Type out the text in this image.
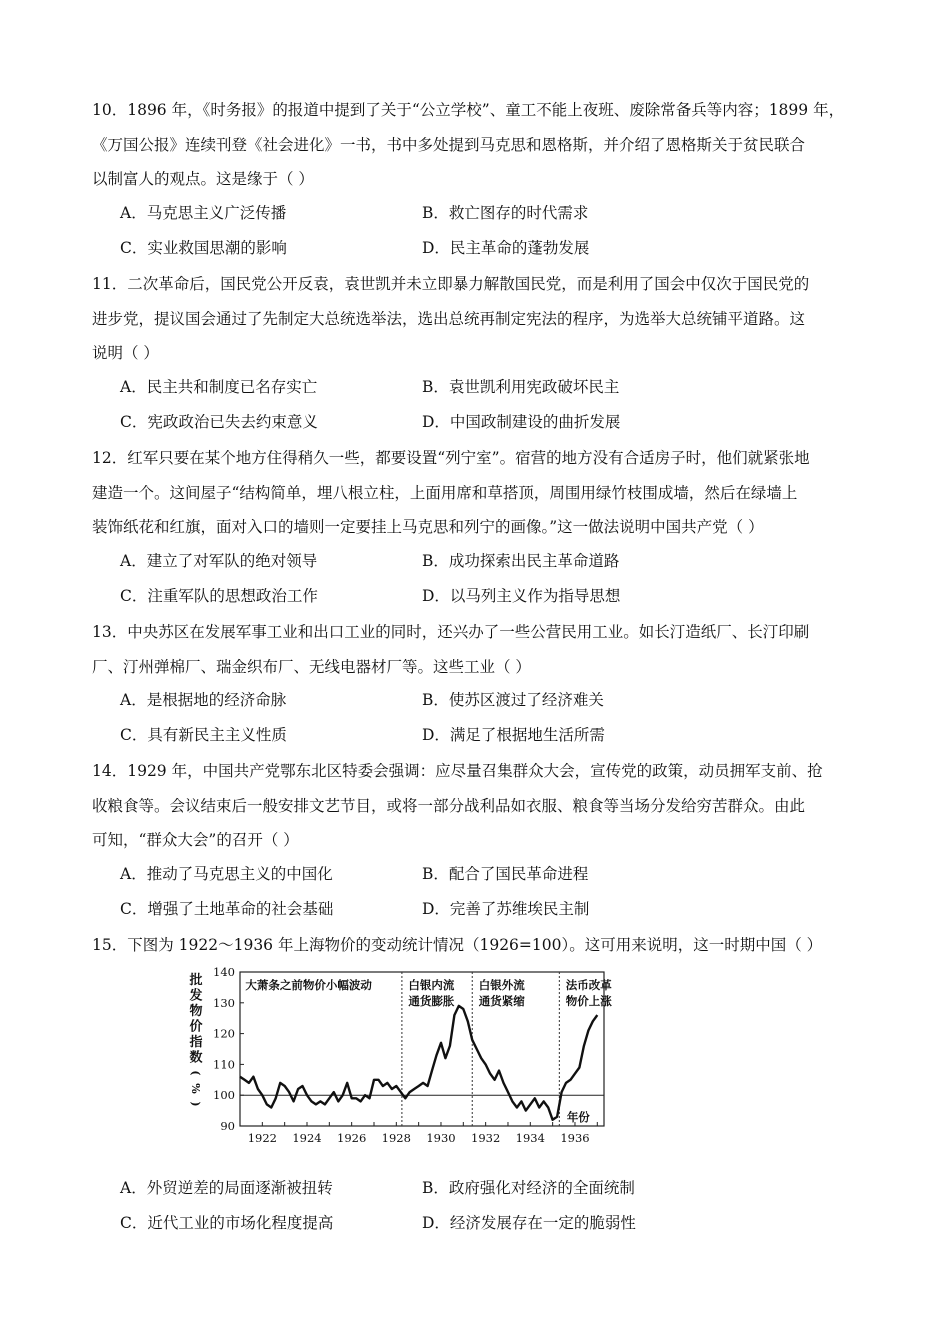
10．1896 年，《时务报》的报道中提到了关于“公立学校”、童工不能上夜班、废除常备兵等内容；1899 年，
《万国公报》连续刊登《社会进化》一书，书中多处提到马克思和恩格斯，并介绍了恩格斯关于贫民联合
以制富人的观点。这是缘于（ ）
A．马克思主义广泛传播	B．救亡图存的时代需求
C．实业救国思潮的影响	D．民主革命的蓬勃发展
11．二次革命后，国民党公开反袁，袁世凯并未立即暴力解散国民党，而是利用了国会中仅次于国民党的
进步党，提议国会通过了先制定大总统选举法，选出总统再制定宪法的程序，为选举大总统铺平道路。这
说明（ ）
A．民主共和制度已名存实亡	B．袁世凯利用宪政破坏民主
C．宪政政治已失去约束意义	D．中国政制建设的曲折发展
12．红军只要在某个地方住得稍久一些，都要设置“列宁室”。宿营的地方没有合适房子时，他们就紧张地
建造一个。这间屋子“结构简单，埋八根立柱，上面用席和草搭顶，周围用绿竹枝围成墙，然后在绿墙上
装饰纸花和红旗，面对入口的墙则一定要挂上马克思和列宁的画像。”这一做法说明中国共产党（ ）
A．建立了对军队的绝对领导	B．成功探索出民主革命道路
C．注重军队的思想政治工作	D．以马列主义作为指导思想
13．中央苏区在发展军事工业和出口工业的同时，还兴办了一些公营民用工业。如长汀造纸厂、长汀印刷
厂、汀州弹棉厂、瑞金织布厂、无线电器材厂等。这些工业（ ）
A．是根据地的经济命脉	B．使苏区渡过了经济难关
C．具有新民主主义性质	D．满足了根据地生活所需
14．1929 年，中国共产党鄂东北区特委会强调：应尽量召集群众大会，宣传党的政策，动员拥军支前、抢
收粮食等。会议结束后一般安排文艺节目，或将一部分战利品如衣服、粮食等当场分发给穷苦群众。由此
可知，“群众大会”的召开（ ）
A．推动了马克思主义的中国化	B．配合了国民革命进程
C．增强了土地革命的社会基础	D．完善了苏维埃民主制
15．下图为 1922～1936 年上海物价的变动统计情况（1926=100）。这可用来说明，这一时期中国（ ）
批
发
物
价
指
数
(
%
)
90
100
110
120
130
140
1922 1924 1926 1928 1930 1932 1934 1936
年份
大萧条之前物价小幅波动	白银内流
通货膨胀
白银外流
通货紧缩
法币改革
物价上涨
A．外贸逆差的局面逐渐被扭转	B．政府强化对经济的全面统制
C．近代工业的市场化程度提高	D．经济发展存在一定的脆弱性
